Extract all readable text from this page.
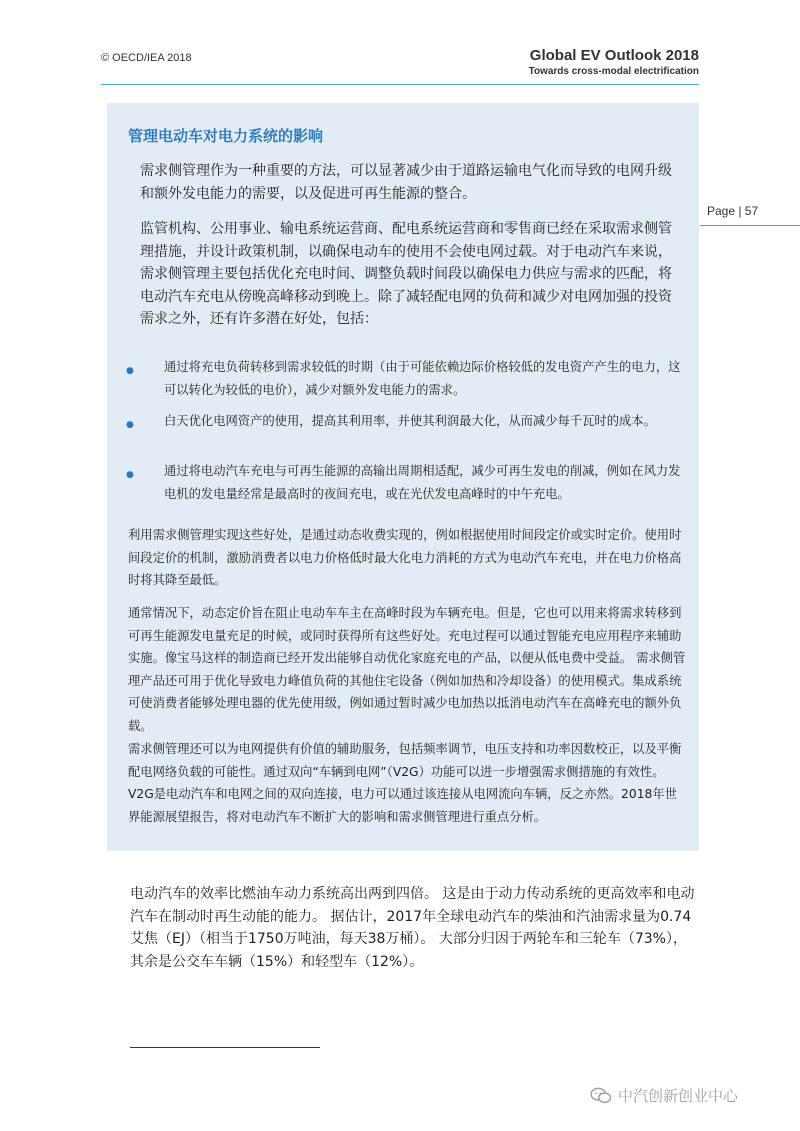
© OECD/IEA 2018	Global EV Outlook 2018
Towards cross-modal electrification
Page | 57
管理电动车对电力系统的影响

需求侧管理作为一种重要的方法，可以显著减少由于道路运输电气化而导致的电网升级和额外发电能力的需要，以及促进可再生能源的整合。

监管机构、公用事业、输电系统运营商、配电系统运营商和零售商已经在采取需求侧管理措施，并设计政策机制，以确保电动车的使用不会使电网过载。对于电动汽车来说，需求侧管理主要包括优化充电时间、调整负载时间段以确保电力供应与需求的匹配，将电动汽车充电从傍晚高峰移动到晚上。除了减轻配电网的负荷和减少对电网加强的投资需求之外，还有许多潜在好处，包括：

● 通过将充电负荷转移到需求较低的时期（由于可能依赖边际价格较低的发电资产产生的电力，这可以转化为较低的电价），减少对额外发电能力的需求。

● 白天优化电网资产的使用，提高其利用率，并使其利润最大化，从而减少每千瓦时的成本。

● 通过将电动汽车充电与可再生能源的高输出周期相适配，减少可再生发电的削减，例如在风力发电机的发电量经常是最高时的夜间充电，或在光伏发电高峰时的中午充电。

利用需求侧管理实现这些好处，是通过动态收费实现的，例如根据使用时间段定价或实时定价。使用时间段定价的机制，激励消费者以电力价格低时最大化电力消耗的方式为电动汽车充电，并在电力价格高时将其降至最低。

通常情况下，动态定价旨在阻止电动车车主在高峰时段为车辆充电。但是，它也可以用来将需求转移到可再生能源发电量充足的时候，或同时获得所有这些好处。充电过程可以通过智能充电应用程序来辅助实施。像宝马这样的制造商已经开发出能够自动优化家庭充电的产品，以便从低电费中受益。 需求侧管理产品还可用于优化导致电力峰值负荷的其他住宅设备（例如加热和冷却设备）的使用模式。集成系统可使消费者能够处理电器的优先使用级，例如通过暂时减少电加热以抵消电动汽车在高峰充电的额外负载。

需求侧管理还可以为电网提供有价值的辅助服务，包括频率调节，电压支持和功率因数校正，以及平衡配电网络负载的可能性。通过双向“车辆到电网”（V2G）功能可以进一步增强需求侧措施的有效性。 V2G是电动汽车和电网之间的双向连接，电力可以通过该连接从电网流向车辆，反之亦然。2018年世界能源展望报告，将对电动汽车不断扩大的影响和需求侧管理进行重点分析。

电动汽车的效率比燃油车动力系统高出两到四倍。 这是由于动力传动系统的更高效率和电动汽车在制动时再生动能的能力。 据估计，2017年全球电动汽车的柴油和汽油需求量为0.74 艾焦（EJ）（相当于1750万吨油，每天38万桶）。 大部分归因于两轮车和三轮车（73%），其余是公交车车辆（15%）和轻型车（12%）。

中汽创新创业中心
